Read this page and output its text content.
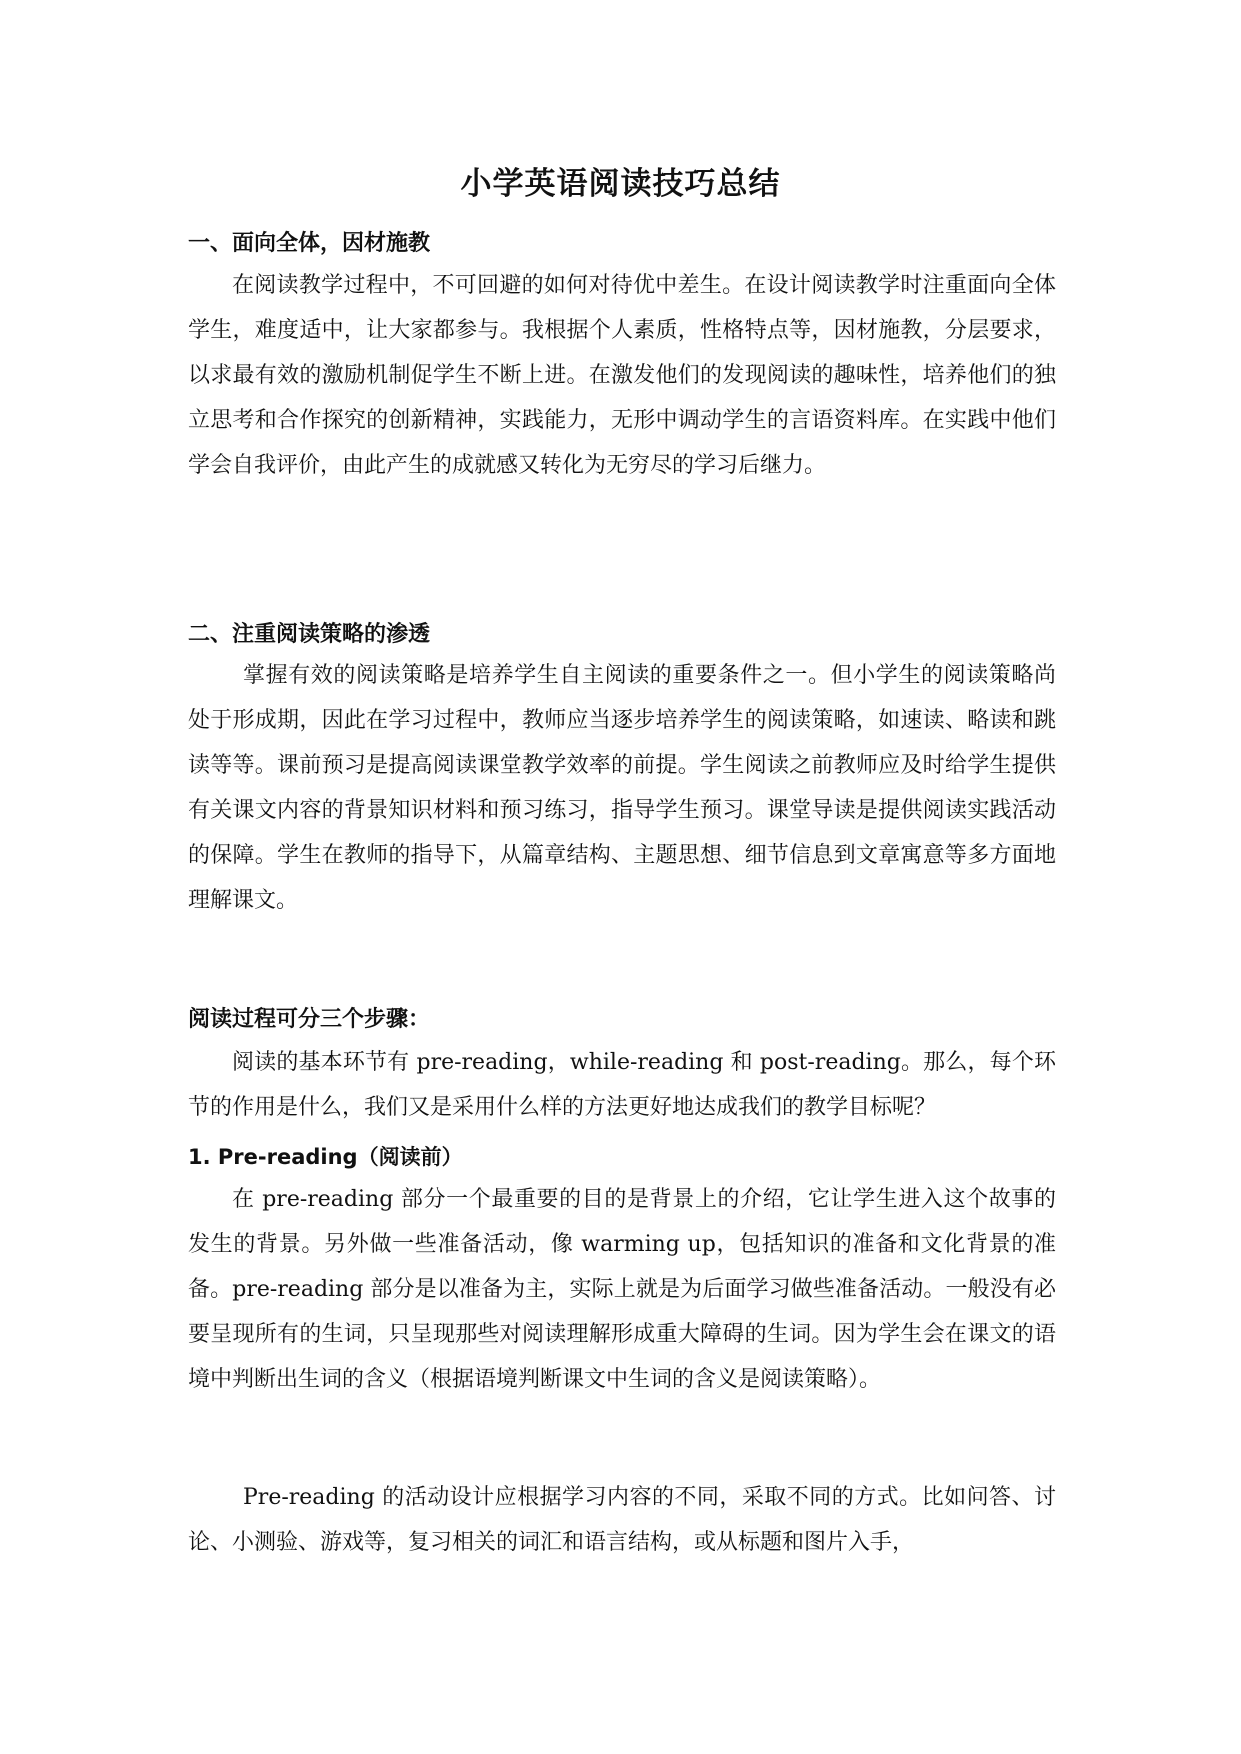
小学英语阅读技巧总结
一、面向全体，因材施教
在阅读教学过程中，不可回避的如何对待优中差生。在设计阅读教学时注重面向全体学生，难度适中，让大家都参与。我根据个人素质，性格特点等，因材施教，分层要求，以求最有效的激励机制促学生不断上进。在激发他们的发现阅读的趣味性，培养他们的独立思考和合作探究的创新精神，实践能力，无形中调动学生的言语资料库。在实践中他们学会自我评价，由此产生的成就感又转化为无穷尽的学习后继力。
二、注重阅读策略的渗透
掌握有效的阅读策略是培养学生自主阅读的重要条件之一。但小学生的阅读策略尚处于形成期，因此在学习过程中，教师应当逐步培养学生的阅读策略，如速读、略读和跳读等等。课前预习是提高阅读课堂教学效率的前提。学生阅读之前教师应及时给学生提供有关课文内容的背景知识材料和预习练习，指导学生预习。课堂导读是提供阅读实践活动的保障。学生在教师的指导下，从篇章结构、主题思想、细节信息到文章寓意等多方面地理解课文。
阅读过程可分三个步骤：
阅读的基本环节有 pre-reading，while-reading 和 post-reading。那么，每个环节的作用是什么，我们又是采用什么样的方法更好地达成我们的教学目标呢？
1. Pre-reading（阅读前）
在 pre-reading 部分一个最重要的目的是背景上的介绍，它让学生进入这个故事的发生的背景。另外做一些准备活动，像 warming up，包括知识的准备和文化背景的准备。pre-reading 部分是以准备为主，实际上就是为后面学习做些准备活动。一般没有必要呈现所有的生词，只呈现那些对阅读理解形成重大障碍的生词。因为学生会在课文的语境中判断出生词的含义（根据语境判断课文中生词的含义是阅读策略）。
Pre-reading 的活动设计应根据学习内容的不同，采取不同的方式。比如问答、讨论、小测验、游戏等，复习相关的词汇和语言结构，或从标题和图片入手，
